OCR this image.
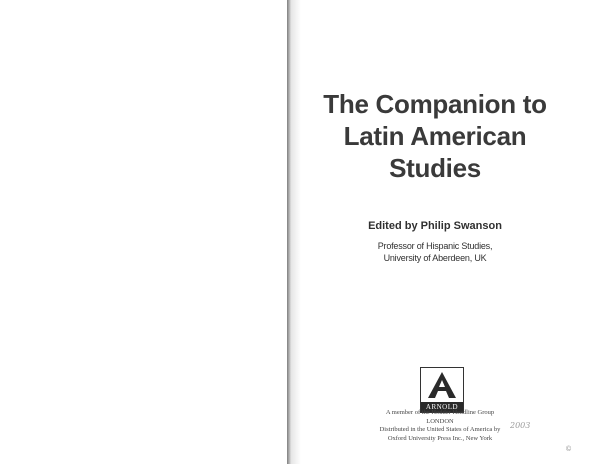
The Companion to
Latin American
Studies
Edited by Philip Swanson
Professor of Hispanic Studies,
University of Aberdeen, UK
ARNOLD
A member of the Hodder Headline Group
LONDON
Distributed in the United States of America by
Oxford University Press Inc., New York
2003
©
